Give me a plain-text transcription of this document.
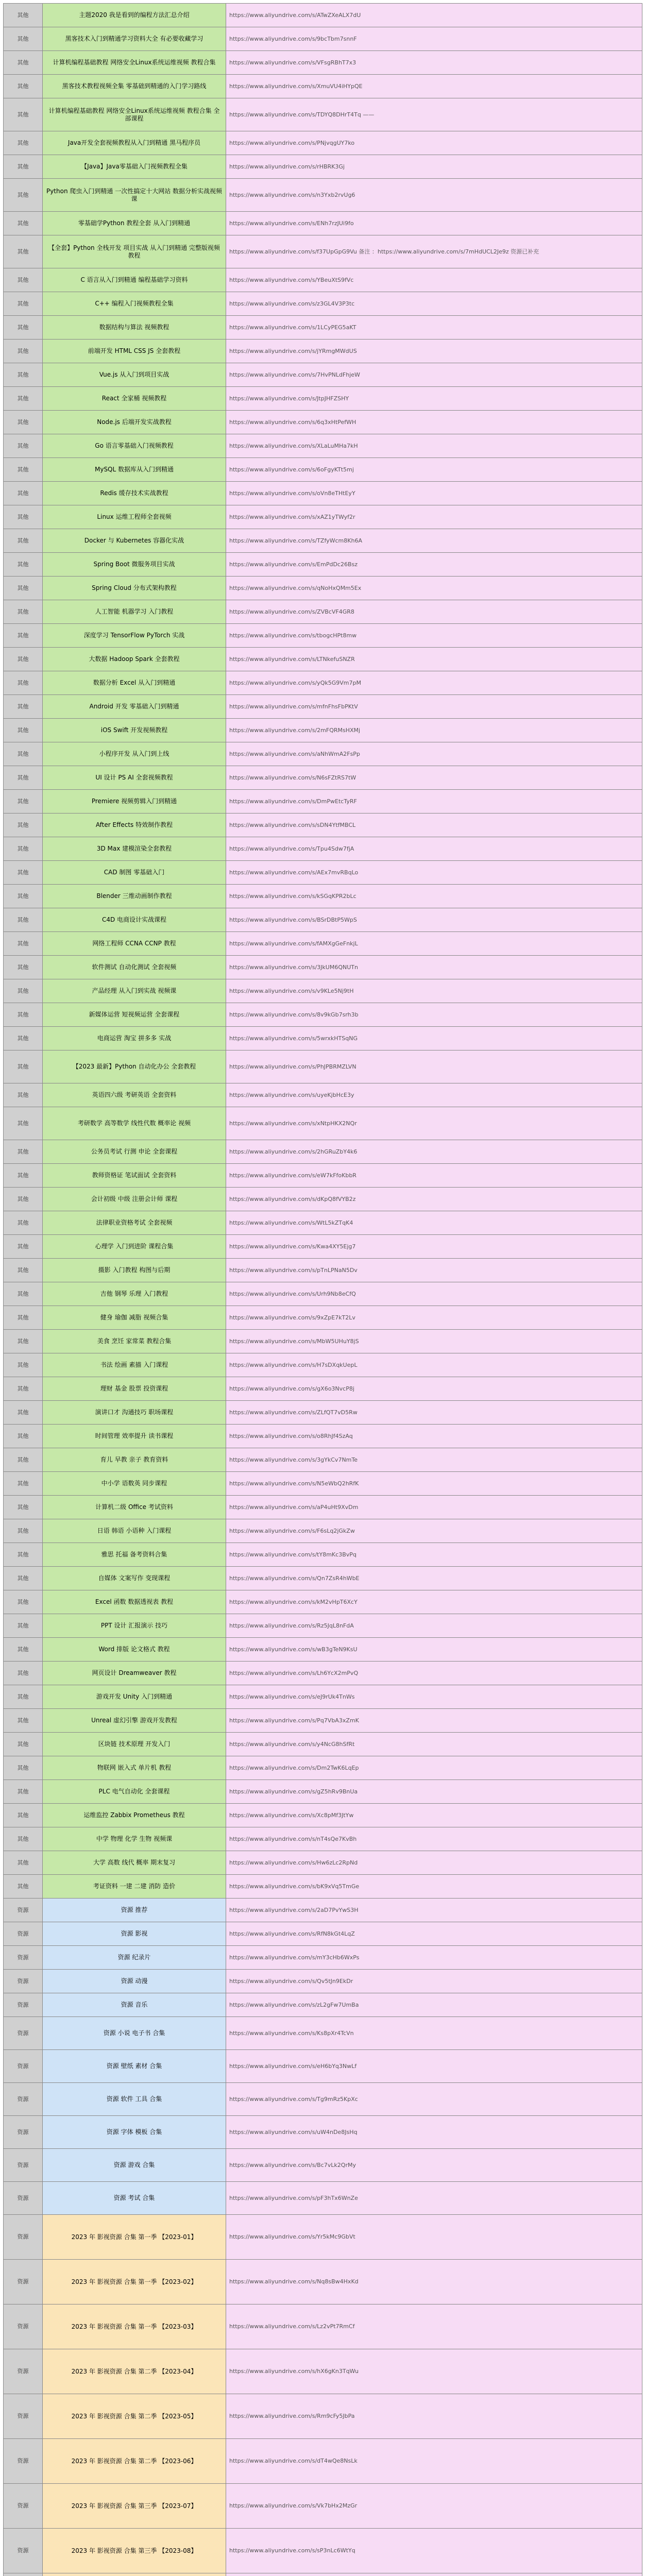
其他	主题2020 我是看到的编程方法汇总介绍	https://www.aliyundrive.com/s/ATwZXeALX7dU
其他	黑客技术入门到精通学习资料大全 有必要收藏学习	https://www.aliyundrive.com/s/9bcTbm7snnF
其他	计算机编程基础教程 网络安全Linux系统运维视频 教程合集	https://www.aliyundrive.com/s/VFsgRBhT7x3
其他	黑客技术教程视频全集 零基础到精通的入门学习路线	https://www.aliyundrive.com/s/XmuVU4iHYpQE
其他	计算机编程基础教程 网络安全Linux系统运维视频 教程合集 全部课程	https://www.aliyundrive.com/s/TDYQ8DHrT4Tq ——
其他	Java开发全套视频教程从入门到精通 黑马程序员	https://www.aliyundrive.com/s/PNjvqgUY7ko
其他	【Java】Java零基础入门视频教程全集	https://www.aliyundrive.com/s/rHBRK3Gj
其他	Python 爬虫入门到精通 一次性搞定十大网站 数据分析实战视频课	https://www.aliyundrive.com/s/n3Yxb2rvUg6
其他	零基础学Python 教程全套 从入门到精通	https://www.aliyundrive.com/s/ENh7rzJUi9fo
其他	【全套】Python 全栈开发 项目实战 从入门到精通 完整版视频教程	https://www.aliyundrive.com/s/f37UpGpG9Vu 备注 ：https://www.aliyundrive.com/s/7mHdUCL2Je9z 资源已补充
其他	C 语言从入门到精通 编程基础学习资料	https://www.aliyundrive.com/s/YBeuXtS9fVc
其他	C++ 编程入门视频教程全集	https://www.aliyundrive.com/s/z3GL4V3P3tc
其他	数据结构与算法 视频教程	https://www.aliyundrive.com/s/1LCyPEG5aKT
其他	前端开发 HTML CSS JS 全套教程	https://www.aliyundrive.com/s/jYRmgMWdUS
其他	Vue.js 从入门到项目实战	https://www.aliyundrive.com/s/7HvPNLdFhjeW
其他	React 全家桶 视频教程	https://www.aliyundrive.com/s/JtpJHFZSHY
其他	Node.js 后端开发实战教程	https://www.aliyundrive.com/s/6q3xHtPefWH
其他	Go 语言零基础入门视频教程	https://www.aliyundrive.com/s/XLaLuMHa7kH
其他	MySQL 数据库从入门到精通	https://www.aliyundrive.com/s/6oFgyKTt5mj
其他	Redis 缓存技术实战教程	https://www.aliyundrive.com/s/oVn8eTHtEyY
其他	Linux 运维工程师全套视频	https://www.aliyundrive.com/s/xAZ1yTWyf2r
其他	Docker 与 Kubernetes 容器化实战	https://www.aliyundrive.com/s/TZfyWcm8Kh6A
其他	Spring Boot 微服务项目实战	https://www.aliyundrive.com/s/EmPdDc26Bsz
其他	Spring Cloud 分布式架构教程	https://www.aliyundrive.com/s/qNoHxQMm5Ex
其他	人工智能 机器学习 入门教程	https://www.aliyundrive.com/s/ZVBcVF4GR8
其他	深度学习 TensorFlow PyTorch 实战	https://www.aliyundrive.com/s/tbogcHPt8mw
其他	大数据 Hadoop Spark 全套教程	https://www.aliyundrive.com/s/LTNkefuSNZR
其他	数据分析 Excel 从入门到精通	https://www.aliyundrive.com/s/yQk5G9Vm7pM
其他	Android 开发 零基础入门到精通	https://www.aliyundrive.com/s/mfnFhsFbPKtV
其他	iOS Swift 开发视频教程	https://www.aliyundrive.com/s/2mFQRMsHXMj
其他	小程序开发 从入门到上线	https://www.aliyundrive.com/s/aNhWmA2FsPp
其他	UI 设计 PS AI 全套视频教程	https://www.aliyundrive.com/s/N6sFZtRS7tW
其他	Premiere 视频剪辑入门到精通	https://www.aliyundrive.com/s/DmPwEtcTyRF
其他	After Effects 特效制作教程	https://www.aliyundrive.com/s/sDN4YtfMBCL
其他	3D Max 建模渲染全套教程	https://www.aliyundrive.com/s/Tpu4Sdw7fjA
其他	CAD 制图 零基础入门	https://www.aliyundrive.com/s/AEx7mvRBqLo
其他	Blender 三维动画制作教程	https://www.aliyundrive.com/s/kSGqKPR2bLc
其他	C4D 电商设计实战课程	https://www.aliyundrive.com/s/BSrDBtP5WpS
其他	网络工程师 CCNA CCNP 教程	https://www.aliyundrive.com/s/fAMXgGeFnkjL
其他	软件测试 自动化测试 全套视频	https://www.aliyundrive.com/s/3JkUM6QNUTn
其他	产品经理 从入门到实战 视频课	https://www.aliyundrive.com/s/v9KLe5Nj9tH
其他	新媒体运营 短视频运营 全套课程	https://www.aliyundrive.com/s/8v9kGb7srh3b
其他	电商运营 淘宝 拼多多 实战	https://www.aliyundrive.com/s/5wrxkHTSqNG
其他	【2023 最新】Python 自动化办公 全套教程	https://www.aliyundrive.com/s/PhJPBRMZLVN
其他	英语四六级 考研英语 全套资料	https://www.aliyundrive.com/s/uyeKjbHcE3y
其他	考研数学 高等数学 线性代数 概率论 视频	https://www.aliyundrive.com/s/xNtpHKX2NQr
其他	公务员考试 行测 申论 全套课程	https://www.aliyundrive.com/s/2hGRuZbY4k6
其他	教师资格证 笔试面试 全套资料	https://www.aliyundrive.com/s/eW7kFfoKbbR
其他	会计初级 中级 注册会计师 课程	https://www.aliyundrive.com/s/dKpQ8fVYB2z
其他	法律职业资格考试 全套视频	https://www.aliyundrive.com/s/WtL5kZTqK4
其他	心理学 入门到进阶 课程合集	https://www.aliyundrive.com/s/Kwa4XY5Ejg7
其他	摄影 入门教程 构图与后期	https://www.aliyundrive.com/s/pTnLPNaN5Dv
其他	吉他 钢琴 乐理 入门教程	https://www.aliyundrive.com/s/Urh9Nb8eCfQ
其他	健身 瑜伽 减脂 视频合集	https://www.aliyundrive.com/s/9xZpE7kT2Lv
其他	美食 烹饪 家常菜 教程合集	https://www.aliyundrive.com/s/MbW5UHuY8jS
其他	书法 绘画 素描 入门课程	https://www.aliyundrive.com/s/H7sDXqkUepL
其他	理财 基金 股票 投资课程	https://www.aliyundrive.com/s/gX6o3NvcP8j
其他	演讲口才 沟通技巧 职场课程	https://www.aliyundrive.com/s/ZLfQT7vD5Rw
其他	时间管理 效率提升 读书课程	https://www.aliyundrive.com/s/o8RhJf4SzAq
其他	育儿 早教 亲子 教育资料	https://www.aliyundrive.com/s/3gYkCv7NmTe
其他	中小学 语数英 同步课程	https://www.aliyundrive.com/s/N5eWbQ2hRfK
其他	计算机二级 Office 考试资料	https://www.aliyundrive.com/s/aP4uHt9XvDm
其他	日语 韩语 小语种 入门课程	https://www.aliyundrive.com/s/F6sLq2jGkZw
其他	雅思 托福 备考资料合集	https://www.aliyundrive.com/s/tY8mKc3BvPq
其他	自媒体 文案写作 变现课程	https://www.aliyundrive.com/s/Qn7ZsR4hWbE
其他	Excel 函数 数据透视表 教程	https://www.aliyundrive.com/s/kM2vHpT6XcY
其他	PPT 设计 汇报演示 技巧	https://www.aliyundrive.com/s/Rz5JqL8nFdA
其他	Word 排版 论文格式 教程	https://www.aliyundrive.com/s/wB3gTeN9KsU
其他	网页设计 Dreamweaver 教程	https://www.aliyundrive.com/s/Lh6YcX2mPvQ
其他	游戏开发 Unity 入门到精通	https://www.aliyundrive.com/s/eJ9rUk4TnWs
其他	Unreal 虚幻引擎 游戏开发教程	https://www.aliyundrive.com/s/Pq7VbA3xZmK
其他	区块链 技术原理 开发入门	https://www.aliyundrive.com/s/y4NcG8hSfRt
其他	物联网 嵌入式 单片机 教程	https://www.aliyundrive.com/s/Dm2TwK6LqEp
其他	PLC 电气自动化 全套课程	https://www.aliyundrive.com/s/gZ5hRv9BnUa
其他	运维监控 Zabbix Prometheus 教程	https://www.aliyundrive.com/s/Xc8pMf3JtYw
其他	中学 物理 化学 生物 视频课	https://www.aliyundrive.com/s/nT4sQe7KvBh
其他	大学 高数 线代 概率 期末复习	https://www.aliyundrive.com/s/Hw6zLc2RpNd
其他	考证资料 一建 二建 消防 造价	https://www.aliyundrive.com/s/bK9xVq5TmGe
资源	资源 推荐	https://www.aliyundrive.com/s/2aD7PvYwS3H
资源	资源 影视	https://www.aliyundrive.com/s/RfN8kGt4LqZ
资源	资源 纪录片	https://www.aliyundrive.com/s/mY3cHb6WxPs
资源	资源 动漫	https://www.aliyundrive.com/s/Qv5tJn9EkDr
资源	资源 音乐	https://www.aliyundrive.com/s/zL2gFw7UmBa
资源	资源 小说 电子书 合集	https://www.aliyundrive.com/s/Ks8pXr4TcVn
资源	资源 壁纸 素材 合集	https://www.aliyundrive.com/s/eH6bYq3NwLf
资源	资源 软件 工具 合集	https://www.aliyundrive.com/s/Tg9mRz5KpXc
资源	资源 字体 模板 合集	https://www.aliyundrive.com/s/uW4nDe8JsHq
资源	资源 游戏 合集	https://www.aliyundrive.com/s/Bc7vLk2QrMy
资源	资源 考试 合集	https://www.aliyundrive.com/s/pF3hTx6WnZe
资源	2023 年 影视资源 合集 第一季 【2023-01】	https://www.aliyundrive.com/s/Yr5kMc9GbVt
资源	2023 年 影视资源 合集 第一季 【2023-02】	https://www.aliyundrive.com/s/Nq8sBw4HxKd
资源	2023 年 影视资源 合集 第一季 【2023-03】	https://www.aliyundrive.com/s/Lz2vPt7RmCf
资源	2023 年 影视资源 合集 第二季 【2023-04】	https://www.aliyundrive.com/s/hX6gKn3TqWu
资源	2023 年 影视资源 合集 第二季 【2023-05】	https://www.aliyundrive.com/s/Rm9cFy5JbPa
资源	2023 年 影视资源 合集 第二季 【2023-06】	https://www.aliyundrive.com/s/dT4wQe8NsLk
资源	2023 年 影视资源 合集 第三季 【2023-07】	https://www.aliyundrive.com/s/Vk7bHx2MzGr
资源	2023 年 影视资源 合集 第三季 【2023-08】	https://www.aliyundrive.com/s/sP3nLc6WtYq
